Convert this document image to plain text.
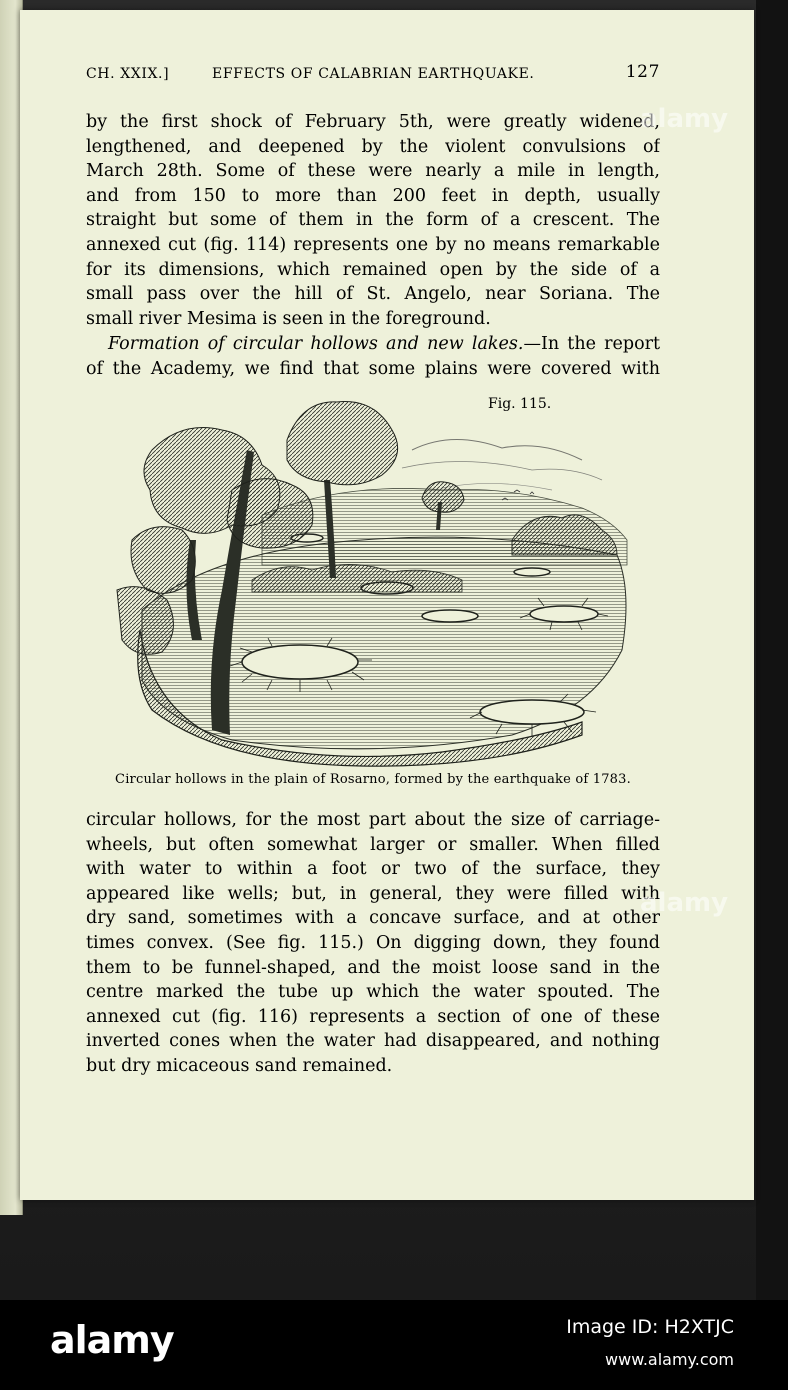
CH. XXIX.]	EFFECTS OF CALABRIAN EARTHQUAKE.	127
by the first shock of February 5th, were greatly widened,
lengthened, and deepened by the violent convulsions of
March 28th. Some of these were nearly a mile in length,
and from 150 to more than 200 feet in depth, usually
straight but some of them in the form of a crescent. The
annexed cut (fig. 114) represents one by no means remarkable
for its dimensions, which remained open by the side of a
small pass over the hill of St. Angelo, near Soriana. The
small river Mesima is seen in the foreground.
Formation of circular hollows and new lakes.—In the report
of the Academy, we find that some plains were covered with
Fig. 115.
Circular hollows in the plain of Rosarno, formed by the earthquake of 1783.
circular hollows, for the most part about the size of carriage-
wheels, but often somewhat larger or smaller. When filled
with water to within a foot or two of the surface, they
appeared like wells; but, in general, they were filled with
dry sand, sometimes with a concave surface, and at other
times convex. (See fig. 115.) On digging down, they found
them to be funnel-shaped, and the moist loose sand in the
centre marked the tube up which the water spouted. The
annexed cut (fig. 116) represents a section of one of these
inverted cones when the water had disappeared, and nothing
but dry micaceous sand remained.
alamy
alamy
alamy	Image ID: H2XTJC
www.alamy.com
